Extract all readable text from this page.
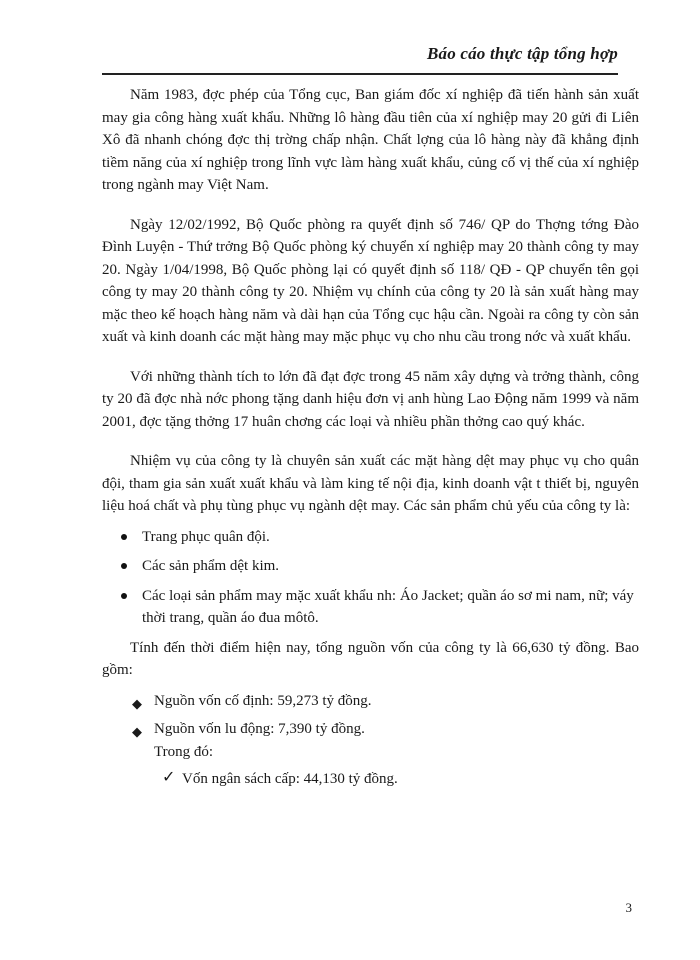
Báo cáo thực tập tổng hợp

Năm 1983, đợc phép của Tổng cục, Ban giám đốc xí nghiệp đã tiến hành sản xuất may gia công hàng xuất khẩu. Những lô hàng đầu tiên của xí nghiệp may 20 gửi đi Liên Xô đã nhanh chóng đợc thị trờng chấp nhận. Chất lợng của lô hàng này đã khẳng định tiềm năng của xí nghiệp trong lĩnh vực làm hàng xuất khẩu, củng cố vị thế của xí nghiệp trong ngành may Việt Nam.

Ngày 12/02/1992, Bộ Quốc phòng ra quyết định số 746/ QP do Thợng tớng Đào Đình Luyện - Thứ trởng Bộ Quốc phòng ký chuyển xí nghiệp may 20 thành công ty may 20. Ngày 1/04/1998, Bộ Quốc phòng lại có quyết định số 118/ QĐ - QP chuyển tên gọi công ty may 20 thành công ty 20. Nhiệm vụ chính của công ty 20 là sản xuất hàng may mặc theo kế hoạch hàng năm và dài hạn của Tổng cục hậu cần. Ngoài ra công ty còn sản xuất và kinh doanh các mặt hàng may mặc phục vụ cho nhu cầu trong nớc và xuất khẩu.

Với những thành tích to lớn đã đạt đợc trong 45 năm xây dựng và trởng thành, công ty 20 đã đợc nhà nớc phong tặng danh hiệu đơn vị anh hùng Lao Động năm 1999 và năm 2001, đợc tặng thởng 17 huân chơng các loại và nhiều phần thởng cao quý khác.

Nhiệm vụ của công ty là chuyên sản xuất các mặt hàng dệt may phục vụ cho quân đội, tham gia sản xuất xuất khẩu và làm king tế nội địa, kinh doanh vật t thiết bị, nguyên liệu hoá chất và phụ tùng phục vụ ngành dệt may. Các sản phẩm chủ yếu của công ty là:

Trang phục quân đội.
Các sản phẩm dệt kim.
Các loại sản phẩm may mặc xuất khẩu nh: Áo Jacket; quần áo sơ mi nam, nữ; váy thời trang, quần áo đua môtô.

Tính đến thời điểm hiện nay, tổng nguồn vốn của công ty là 66,630 tỷ đồng. Bao gồm:

◆ Nguồn vốn cố định: 59,273 tỷ đồng.
◆ Nguồn vốn lu động: 7,390 tỷ đồng.
Trong đó:
✓ Vốn ngân sách cấp: 44,130 tỷ đồng.
3
